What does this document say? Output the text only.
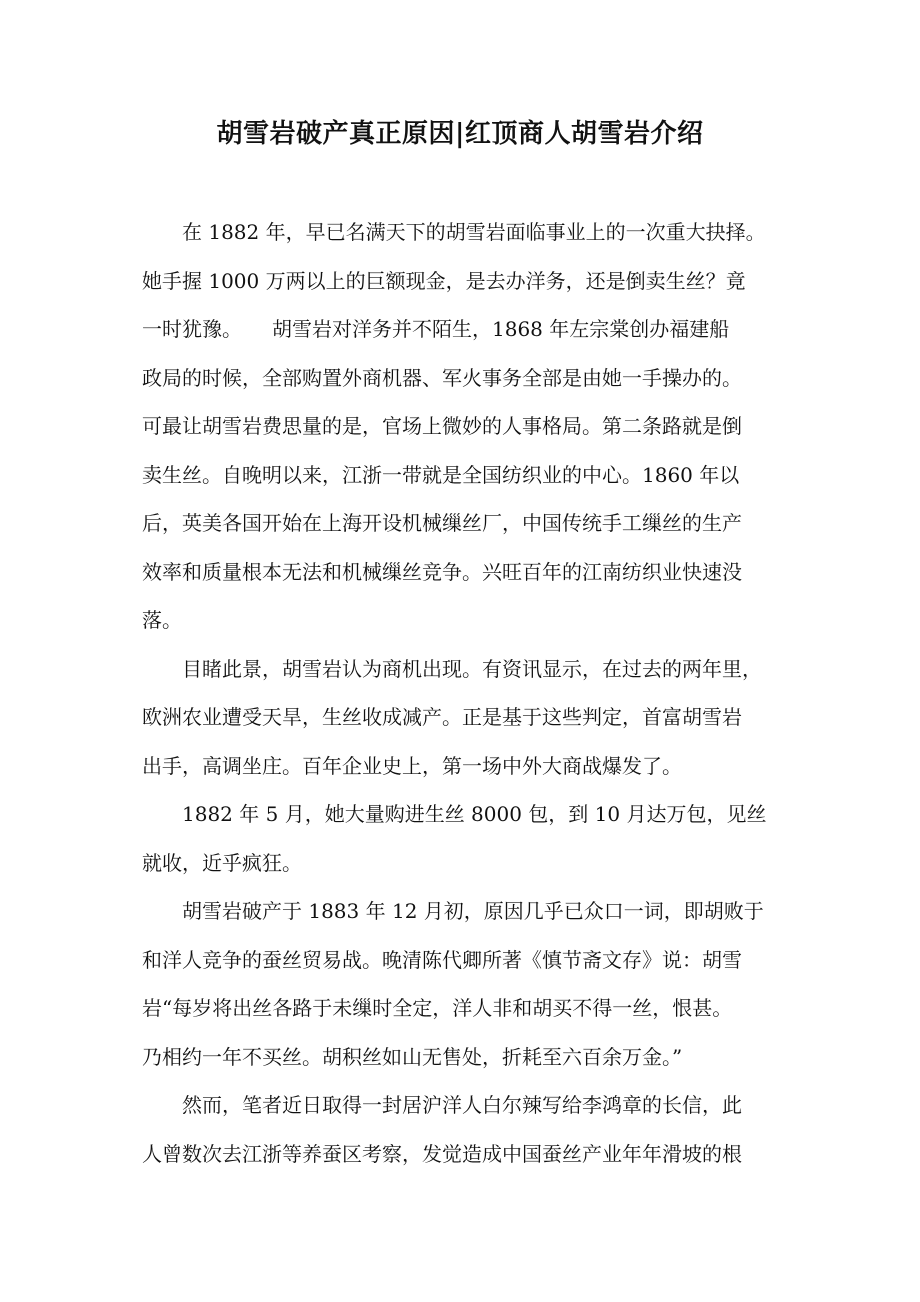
胡雪岩破产真正原因|红顶商人胡雪岩介绍
在 1882 年，早已名满天下的胡雪岩面临事业上的一次重大抉择。
她手握 1000 万两以上的巨额现金，是去办洋务，还是倒卖生丝？竟
一时犹豫。　　胡雪岩对洋务并不陌生，1868 年左宗棠创办福建船
政局的时候，全部购置外商机器、军火事务全部是由她一手操办的。
可最让胡雪岩费思量的是，官场上微妙的人事格局。第二条路就是倒
卖生丝。自晚明以来，江浙一带就是全国纺织业的中心。1860 年以
后，英美各国开始在上海开设机械缫丝厂，中国传统手工缫丝的生产
效率和质量根本无法和机械缫丝竞争。兴旺百年的江南纺织业快速没
落。
目睹此景，胡雪岩认为商机出现。有资讯显示，在过去的两年里，
欧洲农业遭受天旱，生丝收成减产。正是基于这些判定，首富胡雪岩
出手，高调坐庄。百年企业史上，第一场中外大商战爆发了。
1882 年 5 月，她大量购进生丝 8000 包，到 10 月达万包，见丝
就收，近乎疯狂。
胡雪岩破产于 1883 年 12 月初，原因几乎已众口一词，即胡败于
和洋人竞争的蚕丝贸易战。晚清陈代卿所著《慎节斋文存》说：胡雪
岩“每岁将出丝各路于未缫时全定，洋人非和胡买不得一丝，恨甚。
乃相约一年不买丝。胡积丝如山无售处，折耗至六百余万金。”
然而，笔者近日取得一封居沪洋人白尔辣写给李鸿章的长信，此
人曾数次去江浙等养蚕区考察，发觉造成中国蚕丝产业年年滑坡的根
